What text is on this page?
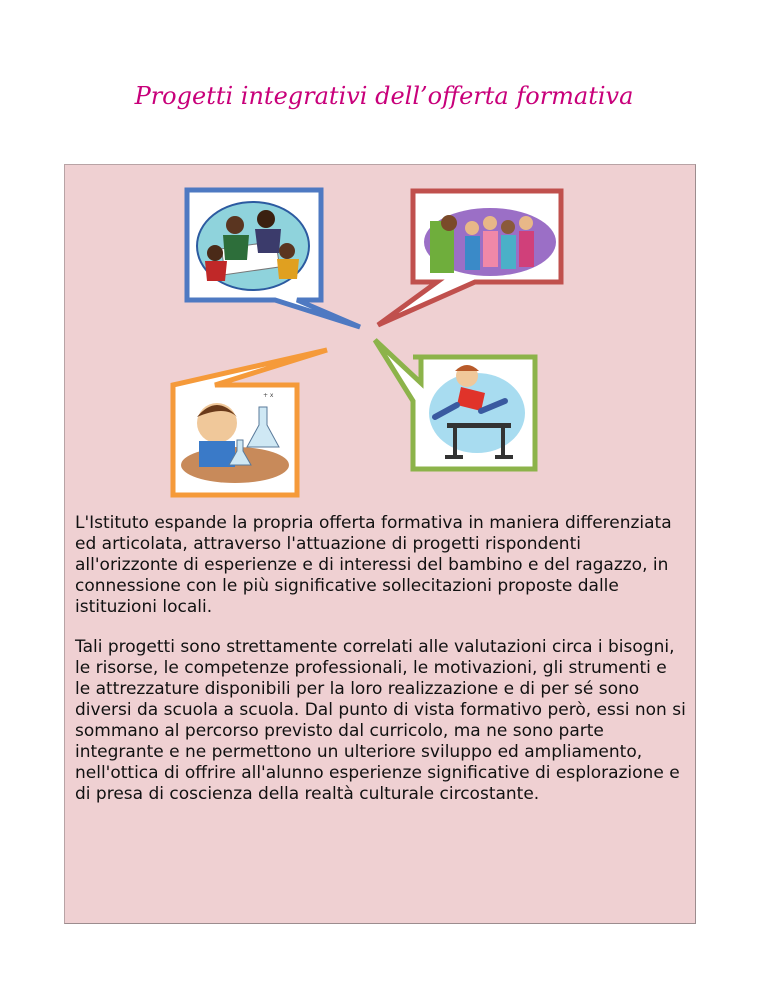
Progetti integrativi dell’offerta formativa
+ x

L'Istituto espande la propria offerta formativa in maniera differenziata ed articolata, attraverso l'attuazione di progetti rispondenti all'orizzonte di esperienze e di interessi del bambino e del ragazzo, in connessione con le più significative sollecitazioni proposte dalle istituzioni locali.

Tali progetti sono strettamente correlati alle valutazioni circa i bisogni, le risorse, le competenze professionali, le motivazioni, gli strumenti e le attrezzature disponibili per la loro realizzazione e di per sé sono diversi da scuola a scuola. Dal punto di vista formativo però, essi non si sommano al percorso previsto dal curricolo, ma ne sono parte integrante e ne permettono un ulteriore sviluppo ed ampliamento, nell'ottica di offrire all'alunno esperienze significative di esplorazione e di presa di coscienza della realtà culturale circostante.
